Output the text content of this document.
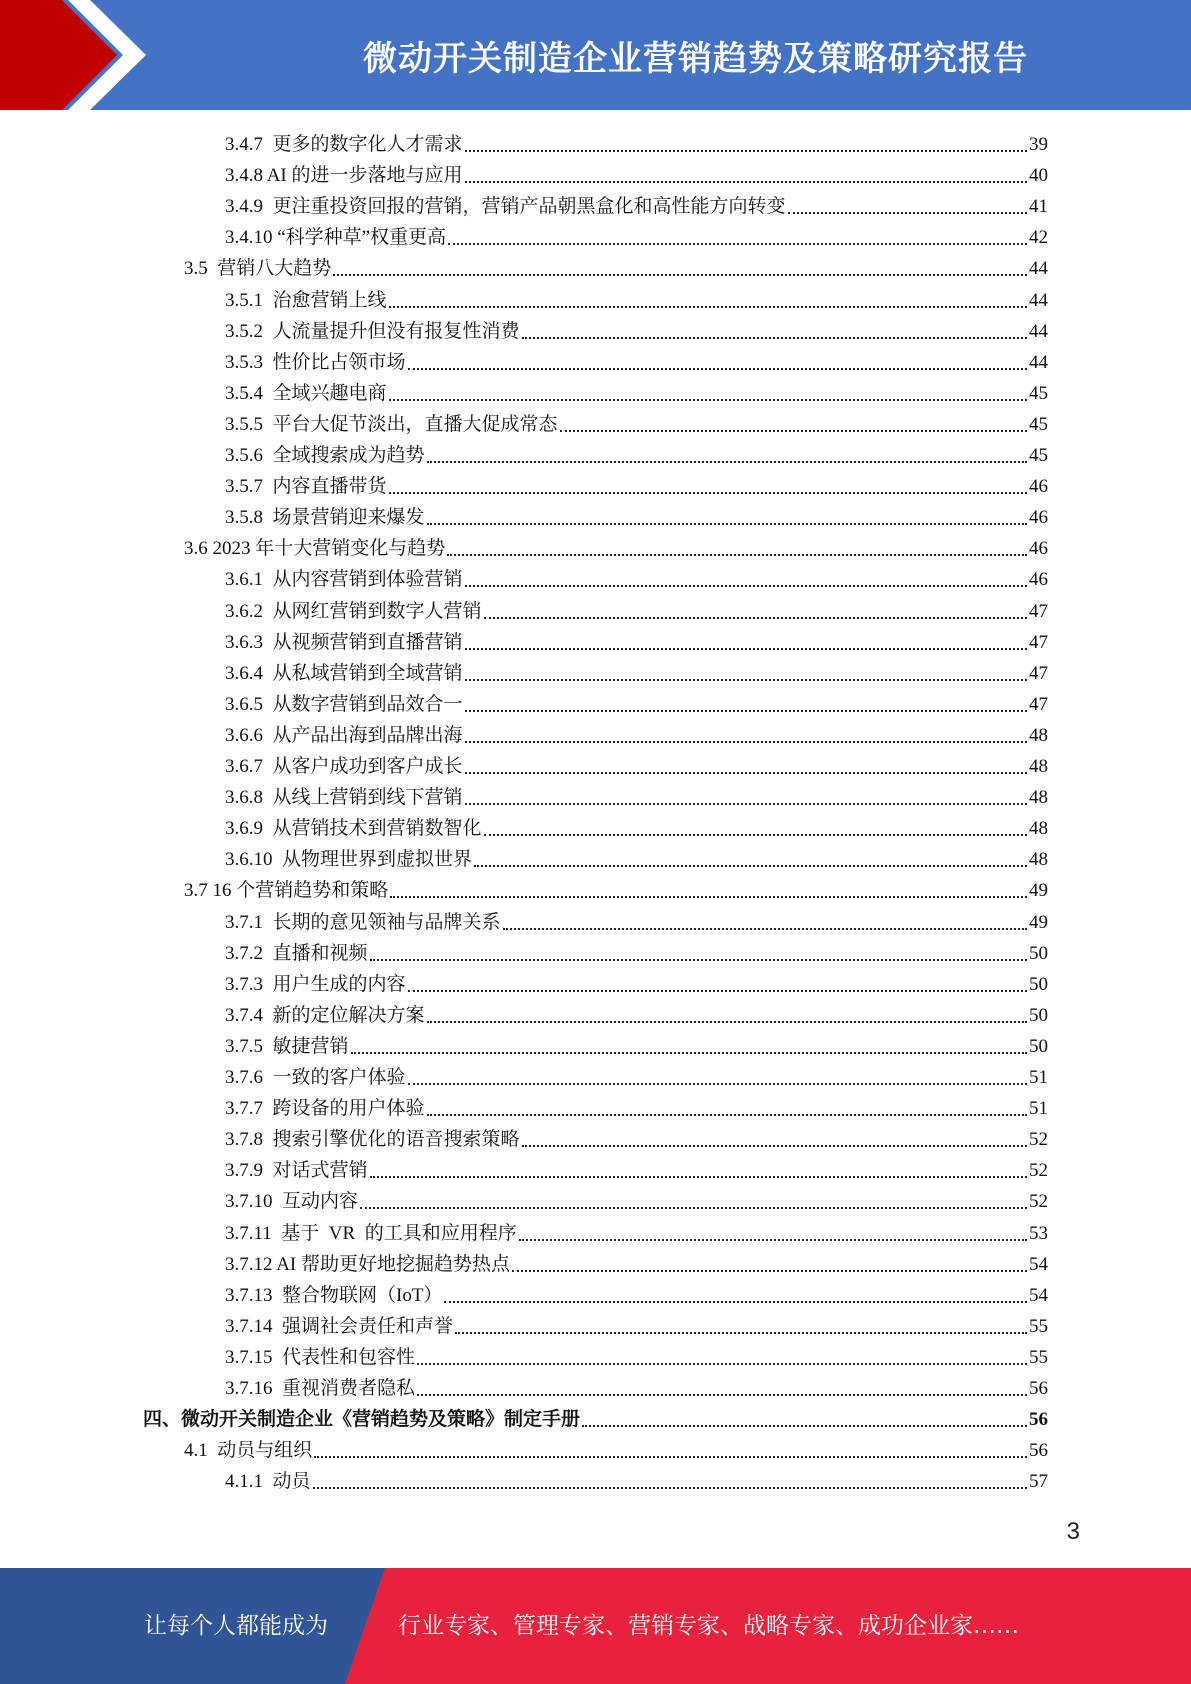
微动开关制造企业营销趋势及策略研究报告
3.4.7  更多的数字化人才需求	39
3.4.8 AI 的进一步落地与应用	40
3.4.9  更注重投资回报的营销，营销产品朝黑盒化和高性能方向转变	41
3.4.10 “科学种草”权重更高	42
3.5  营销八大趋势	44
3.5.1  治愈营销上线	44
3.5.2  人流量提升但没有报复性消费	44
3.5.3  性价比占领市场	44
3.5.4  全域兴趣电商	45
3.5.5  平台大促节淡出，直播大促成常态	45
3.5.6  全域搜索成为趋势	45
3.5.7  内容直播带货	46
3.5.8  场景营销迎来爆发	46
3.6 2023 年十大营销变化与趋势	46
3.6.1  从内容营销到体验营销	46
3.6.2  从网红营销到数字人营销	47
3.6.3  从视频营销到直播营销	47
3.6.4  从私域营销到全域营销	47
3.6.5  从数字营销到品效合一	47
3.6.6  从产品出海到品牌出海	48
3.6.7  从客户成功到客户成长	48
3.6.8  从线上营销到线下营销	48
3.6.9  从营销技术到营销数智化	48
3.6.10  从物理世界到虚拟世界	48
3.7 16 个营销趋势和策略	49
3.7.1  长期的意见领袖与品牌关系	49
3.7.2  直播和视频	50
3.7.3  用户生成的内容	50
3.7.4  新的定位解决方案	50
3.7.5  敏捷营销	50
3.7.6  一致的客户体验	51
3.7.7  跨设备的用户体验	51
3.7.8  搜索引擎优化的语音搜索策略	52
3.7.9  对话式营销	52
3.7.10  互动内容	52
3.7.11  基于  VR  的工具和应用程序	53
3.7.12 AI 帮助更好地挖掘趋势热点	54
3.7.13  整合物联网（IoT）	54
3.7.14  强调社会责任和声誉	55
3.7.15  代表性和包容性	55
3.7.16  重视消费者隐私	56
四、微动开关制造企业《营销趋势及策略》制定手册	56
4.1  动员与组织	56
4.1.1  动员	57
3
让每个人都能成为	行业专家、管理专家、营销专家、战略专家、成功企业家……
